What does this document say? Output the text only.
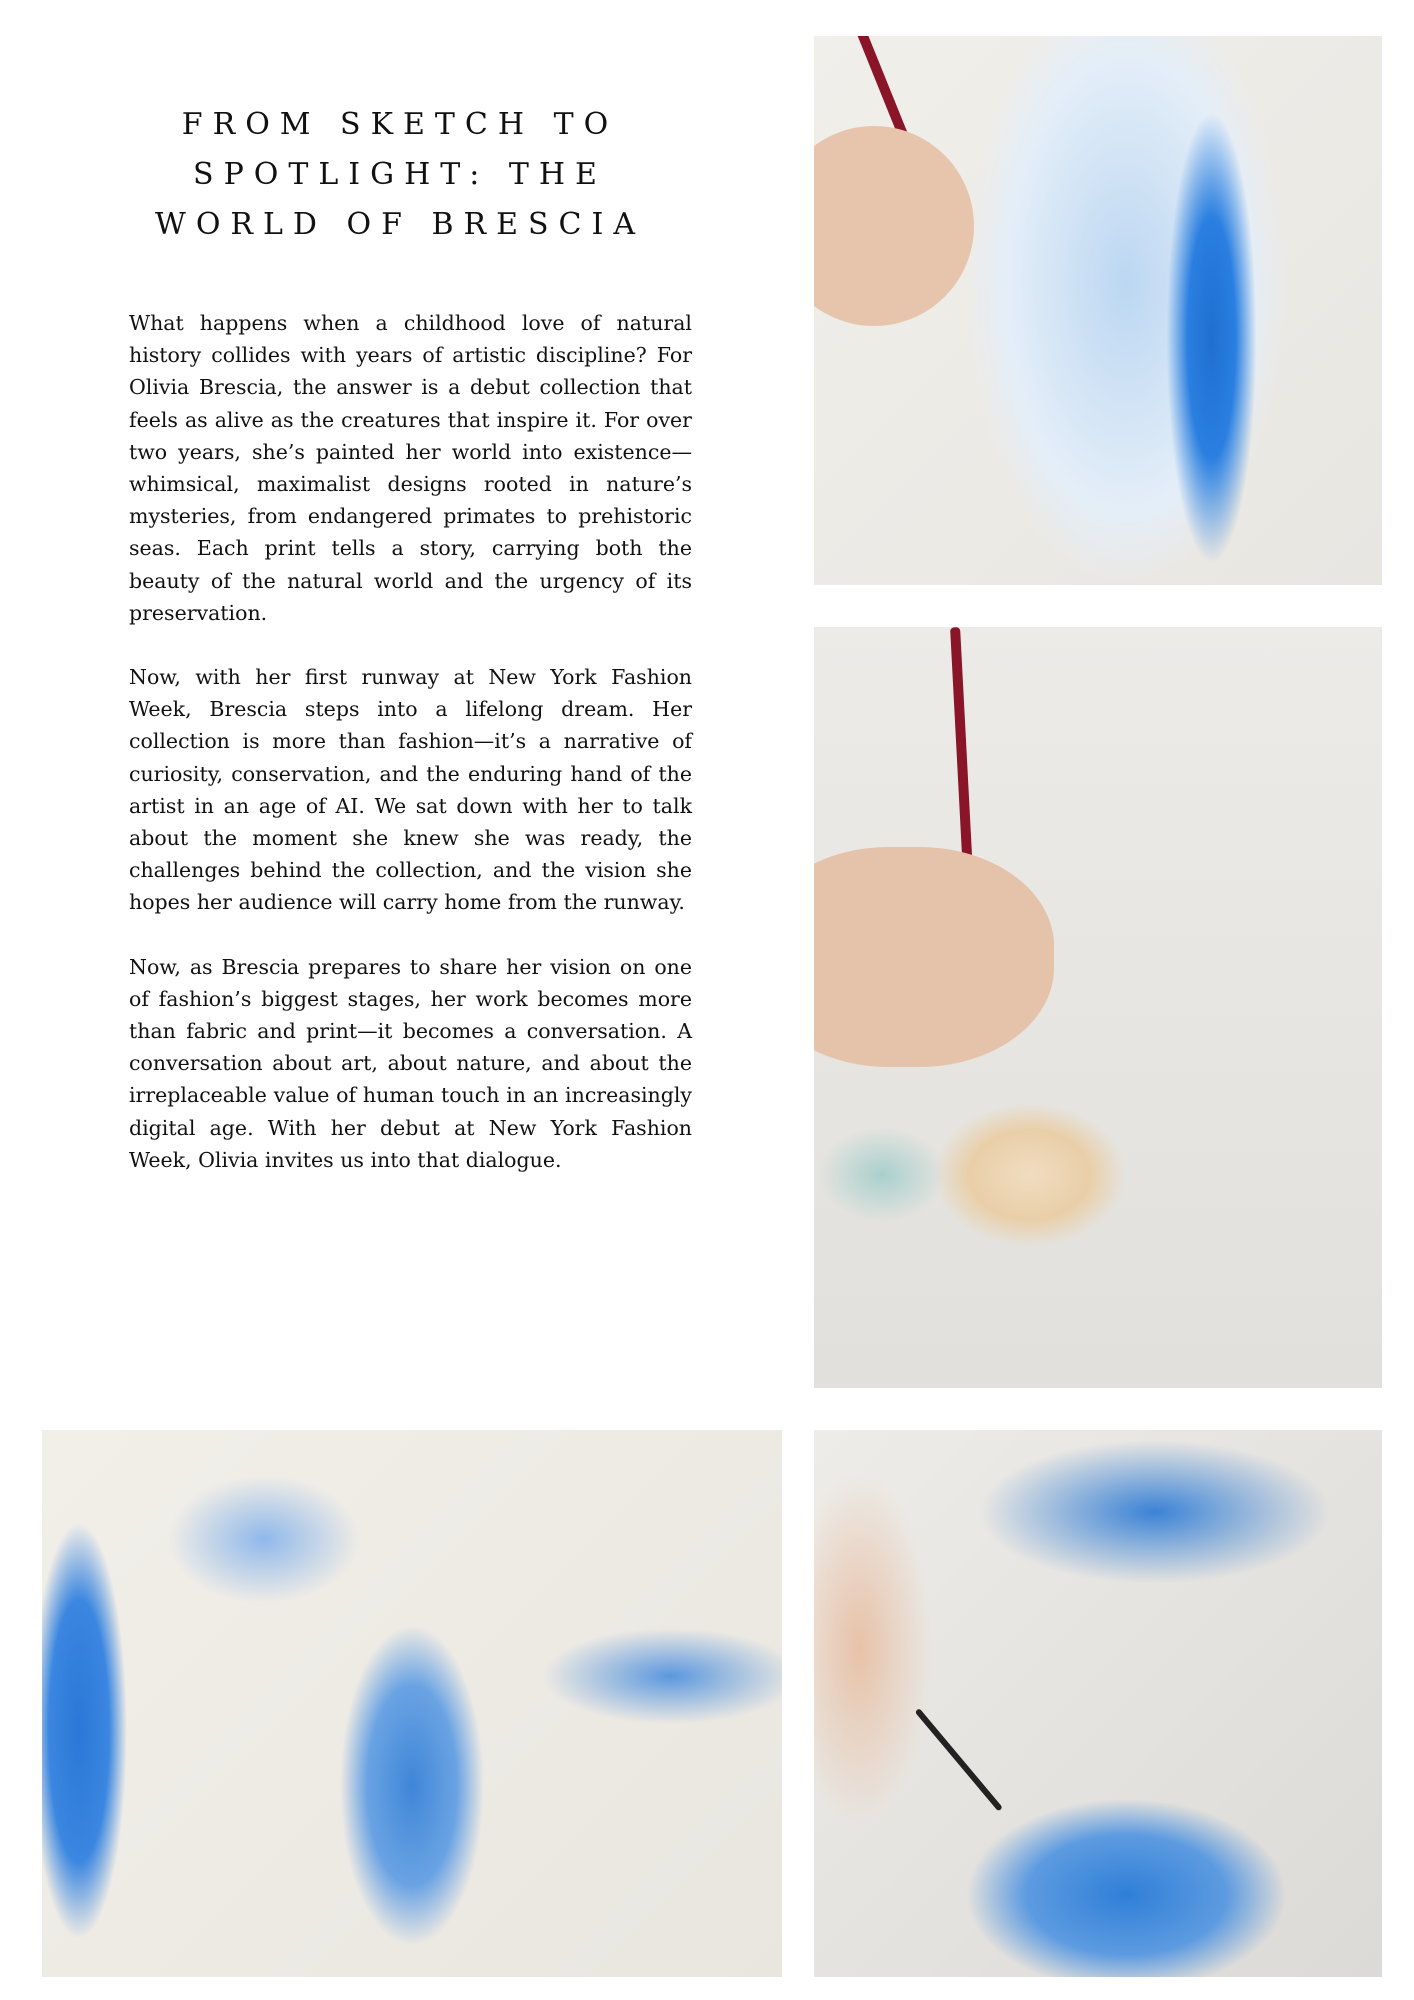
FROM SKETCH TO
SPOTLIGHT: THE
WORLD OF BRESCIA

What happens when a childhood love of natural history collides with years of artistic discipline? For Olivia Brescia, the answer is a debut collection that feels as alive as the creatures that inspire it. For over two years, she’s painted her world into existence—whimsical, maximalist designs rooted in nature’s mysteries, from endangered primates to prehistoric seas. Each print tells a story, carrying both the beauty of the natural world and the urgency of its preservation.

Now, with her first runway at New York Fashion Week, Brescia steps into a lifelong dream. Her collection is more than fashion—it’s a narrative of curiosity, conservation, and the enduring hand of the artist in an age of AI. We sat down with her to talk about the moment she knew she was ready, the challenges behind the collection, and the vision she hopes her audience will carry home from the runway.

Now, as Brescia prepares to share her vision on one of fashion’s biggest stages, her work becomes more than fabric and print—it becomes a conversation. A conversation about art, about nature, and about the irreplaceable value of human touch in an increasingly digital age. With her debut at New York Fashion Week, Olivia invites us into that dialogue.
